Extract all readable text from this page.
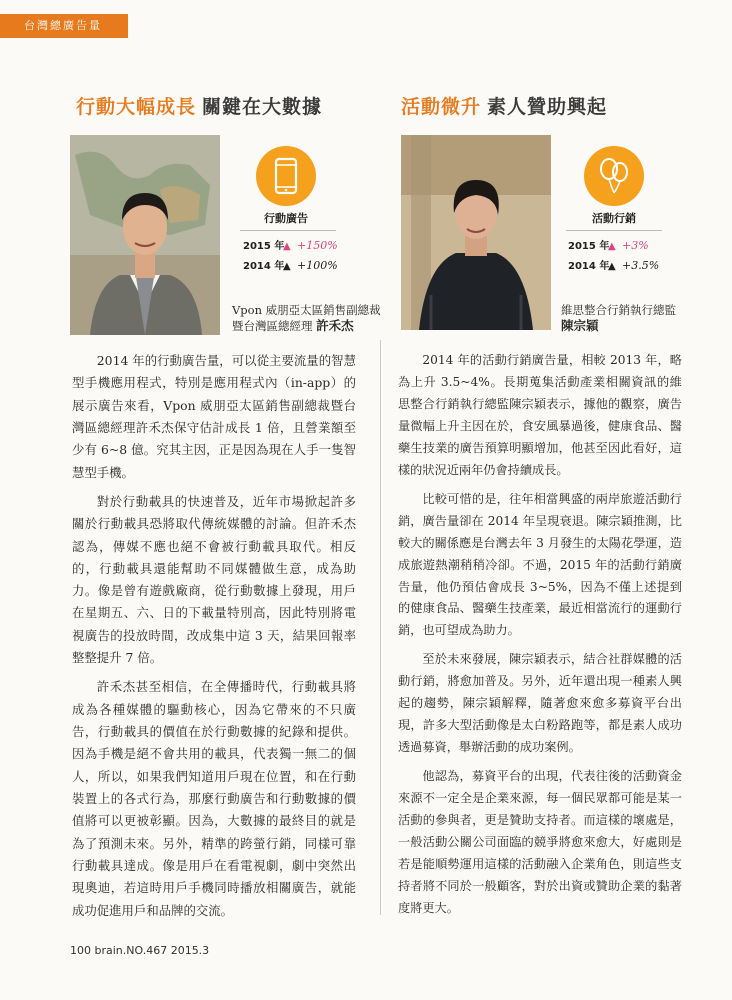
台灣總廣告量
行動大幅成長 關鍵在大數據
行動廣告
2015 年▲ +150%
2014 年▲ +100%
Vpon 威朋亞太區銷售副總裁
暨台灣區總經理 許禾杰
活動微升 素人贊助興起
活動行銷
2015 年▲ +3%
2014 年▲ +3.5%
維思整合行銷執行總監
陳宗穎

2014 年的行動廣告量，可以從主要流量的智慧型手機應用程式，特別是應用程式內（in-app）的展示廣告來看，Vpon 威朋亞太區銷售副總裁暨台灣區總經理許禾杰保守估計成長 1 倍，且營業額至少有 6~8 億。究其主因，正是因為現在人手一隻智慧型手機。

對於行動載具的快速普及，近年市場掀起許多關於行動載具恐將取代傳統媒體的討論。但許禾杰認為，傳媒不應也絕不會被行動載具取代。相反的，行動載具還能幫助不同媒體做生意，成為助力。像是曾有遊戲廠商，從行動數據上發現，用戶在星期五、六、日的下載量特別高，因此特別將電視廣告的投放時間，改成集中這 3 天，結果回報率整整提升 7 倍。

許禾杰甚至相信，在全傳播時代，行動載具將成為各種媒體的驅動核心，因為它帶來的不只廣告，行動載具的價值在於行動數據的紀錄和提供。因為手機是絕不會共用的載具，代表獨一無二的個人，所以，如果我們知道用戶現在位置，和在行動裝置上的各式行為，那麼行動廣告和行動數據的價值將可以更被彰顯。因為，大數據的最終目的就是為了預測未來。另外，精準的跨螢行銷，同樣可靠行動載具達成。像是用戶在看電視劇，劇中突然出現奧迪，若這時用戶手機同時播放相關廣告，就能成功促進用戶和品牌的交流。

2014 年的活動行銷廣告量，相較 2013 年，略為上升 3.5~4%。長期蒐集活動產業相關資訊的維思整合行銷執行總監陳宗穎表示，據他的觀察，廣告量微幅上升主因在於，食安風暴過後，健康食品、醫藥生技業的廣告預算明顯增加，他甚至因此看好，這樣的狀況近兩年仍會持續成長。

比較可惜的是，往年相當興盛的兩岸旅遊活動行銷，廣告量卻在 2014 年呈現衰退。陳宗穎推測，比較大的關係應是台灣去年 3 月發生的太陽花學運，造成旅遊熱潮稍稍冷卻。不過，2015 年的活動行銷廣告量，他仍預估會成長 3~5%，因為不僅上述提到的健康食品、醫藥生技產業，最近相當流行的運動行銷，也可望成為助力。

至於未來發展，陳宗穎表示，結合社群媒體的活動行銷，將愈加普及。另外，近年還出現一種素人興起的趨勢，陳宗穎解釋，隨著愈來愈多募資平台出現，許多大型活動像是太白粉路跑等，都是素人成功透過募資，舉辦活動的成功案例。

他認為，募資平台的出現，代表往後的活動資金來源不一定全是企業來源，每一個民眾都可能是某一活動的參與者，更是贊助支持者。而這樣的壞處是，一般活動公關公司面臨的競爭將愈來愈大，好處則是若是能順勢運用這樣的活動融入企業角色，則這些支持者將不同於一般顧客，對於出資或贊助企業的黏著度將更大。

100 brain.NO.467 2015.3
